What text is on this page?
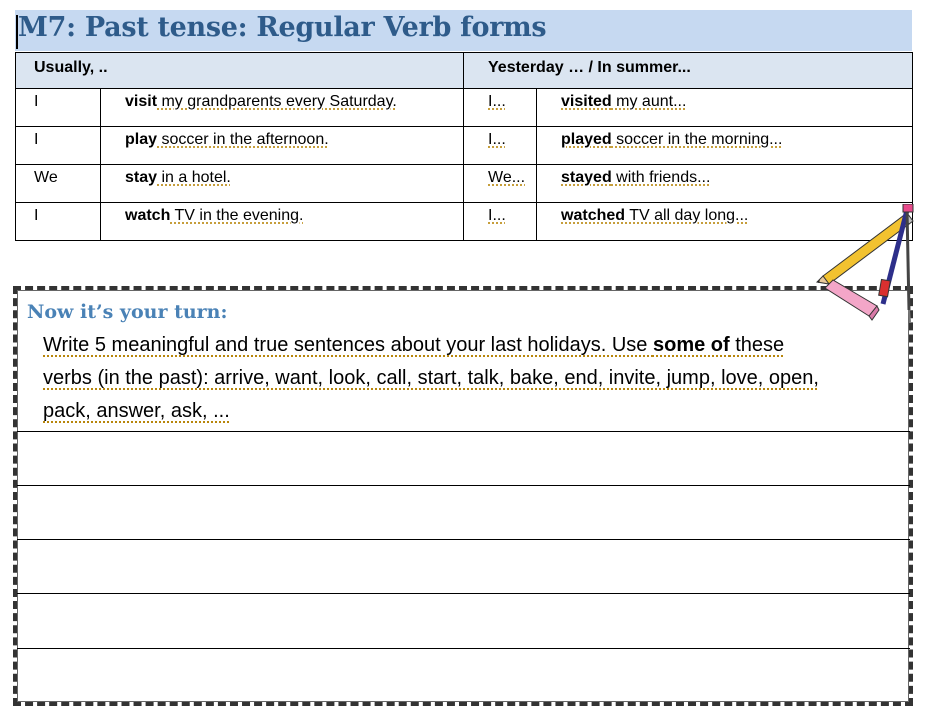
M7: Past tense: Regular Verb forms
Usually, ..		Yesterday … / In summer...	
I	visit my grandparents every Saturday.	I...	visited my aunt...
I	play soccer in the afternoon.	I...	played soccer in the morning...
We	stay in a hotel.	We...	stayed with friends...
I	watch TV in the evening.	I...	watched TV all day long...
Now it’s your turn:
Write 5 meaningful and true sentences about your last holidays. Use some of these
verbs (in the past): arrive, want, look, call, start, talk, bake, end, invite, jump, love, open,
pack, answer, ask, ...
